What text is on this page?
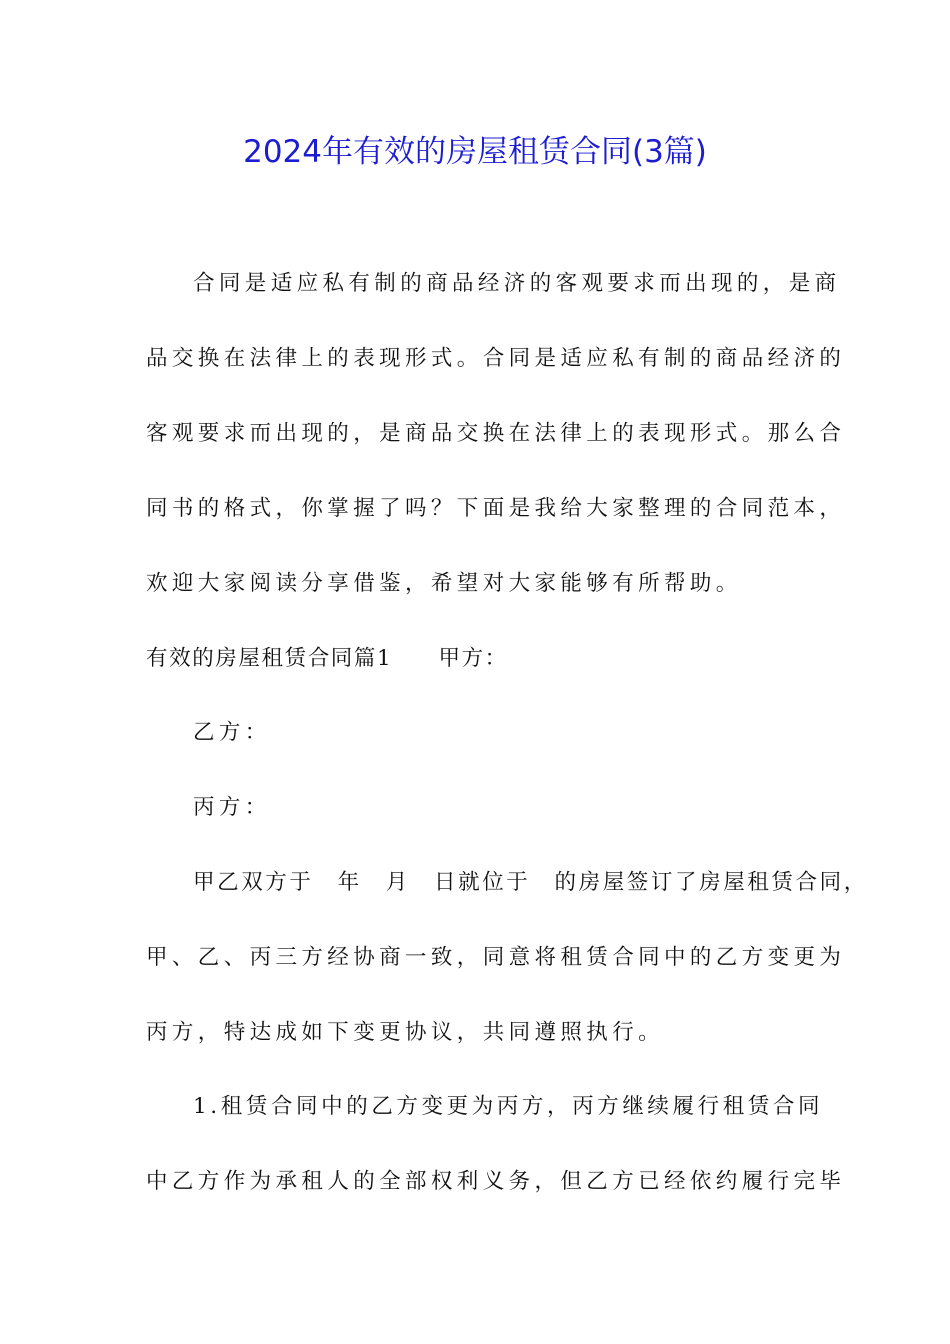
2024年有效的房屋租赁合同(3篇)
合同是适应私有制的商品经济的客观要求而出现的，是商
品交换在法律上的表现形式。合同是适应私有制的商品经济的
客观要求而出现的，是商品交换在法律上的表现形式。那么合
同书的格式，你掌握了吗？下面是我给大家整理的合同范本，
欢迎大家阅读分享借鉴，希望对大家能够有所帮助。
有效的房屋租赁合同篇1　　甲方：
乙方：
丙方：
甲乙双方于　年　月　日就位于　的房屋签订了房屋租赁合同，
甲、乙、丙三方经协商一致，同意将租赁合同中的乙方变更为
丙方，特达成如下变更协议，共同遵照执行。
1.租赁合同中的乙方变更为丙方，丙方继续履行租赁合同
中乙方作为承租人的全部权利义务，但乙方已经依约履行完毕
